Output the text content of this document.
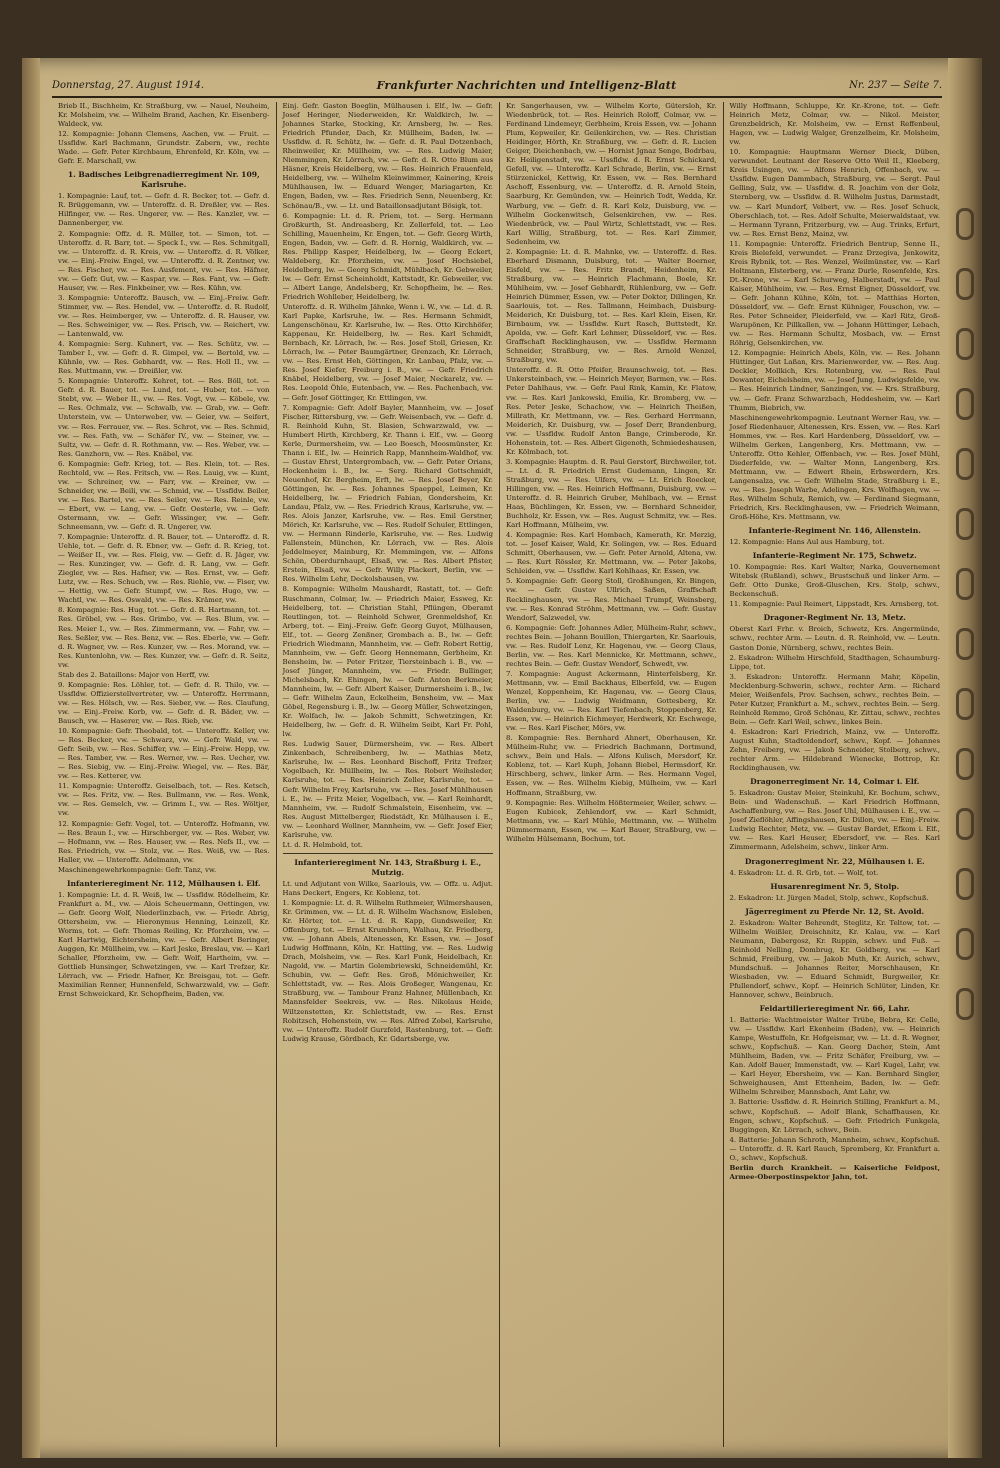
Donnerstag, 27. August 1914.	Frankfurter Nachrichten und Intelligenz-Blatt	Nr. 237 — Seite 7.
Brieb II., Bischheim, Kr. Straßburg, vw. — Nauel, Neuheim, Kr. Molsheim, vw. — Wilhelm Brand, Aachen, Kr. Eisenberg-Waldeck, vw.
12. Kompagnie: Johann Clemens, Aachen, vw. — Fruit. — Ussfldw. Karl Bachmann, Grundstr. Zabern, vw., rechte Wade. — Gefr. Peter Kirchbaum, Ehrenfeld, Kr. Köln, vw. — Gefr. E. Marschall, vw.
1. Badisches Leibgrenadierregiment Nr. 109, Karlsruhe.
1. Kompagnie: Lauf, tot. — Gefr. d. R. Becker, tot. — Gefr. d. R. Brüggemann, vw. — Unteroffz. d. R. Dreßler, vw. — Res. Hilfinger, vw. — Res. Ungerer, vw. — Res. Kanzler, vw. — Dannenberger, vw.
2. Kompagnie: Offz. d. R. Müller, tot. — Simon, tot. — Unteroffz. d. R. Barr, tot. — Speck I., vw. — Res. Schmitgall, vw. — Unteroffz. d. R. Kreis, vw. — Unteroffz. d. R. Völker, vw. — Einj.-Freiw. Engel, vw. — Unteroffz. d. R. Zentner, vw. — Res. Fischer, vw. — Res. Ausfement, vw. — Res. Häfner, vw. — Gefr. Gut, vw. — Kaspar, vw. — Res. Fant, vw. — Gefr. Hauser, vw. — Res. Finkbeiner, vw. — Res. Kühn, vw.
3. Kompagnie: Unteroffz. Bausch, vw. — Einj.-Freiw. Gefr. Stimmer, vw. — Res. Hendel, vw. — Unteroffz. d. R. Rudolf, vw. — Res. Heimberger, vw. — Unteroffz. d. R. Hauser, vw. — Res. Schweiniger, vw. — Res. Frisch, vw. — Reichert, vw. — Lantenwald, vw.
4. Kompagnie: Serg. Kuhnert, vw. — Res. Schütz, vw. — Tamber I., vw. — Gefr. d. R. Gimpel, vw. — Bertold, vw. — Kühnle, vw. — Res. Gebhardt, vw. — Res. Holl II., vw. — Res. Muttmann, vw. — Dreißler, vw.
5. Kompagnie: Unteroffz. Kehret, tot. — Res. Böll, tot. — Gefr. d. R. Bauer, tot. — Lund, tot. — Huber, tot. — von Stebt, vw. — Weber II., vw. — Res. Vogt, vw. — Köbele, vw. — Res. Ochmalz, vw. — Schwalb, vw. — Grab, vw. — Gefr. Unterstein, vw. — Unterweber, vw. — Geier, vw. — Seifert, vw. — Res. Ferrauer, vw. — Res. Schrot, vw. — Res. Schmid, vw. — Res. Fath, vw. — Schäfer IV., vw. — Steiner, vw. — Sultz, vw. — Gefr. d. R. Rothmann, vw. — Res. Weber, vw. — Res. Ganzhorn, vw. — Res. Knäbel, vw.
6. Kompagnie: Gefr. Krieg, tot. — Res. Klein, tot. — Res. Rechtold, vw. — Res. Fritsch, vw. — Res. Lauig, vw. — Kunt, vw. — Schreiner, vw. — Farr, vw. — Kreiner, vw. — Schneider, vw. — Beili, vw. — Schmid, vw. — Ussfldw. Beiler, vw. — Res. Bartel, vw. — Res. Seiler, vw. — Res. Reinle, vw. — Ebert, vw. — Lang, vw. — Gefr. Oesterle, vw. — Gefr. Ostermann, vw. — Gefr. Wissinger, vw. — Gefr. Schneemann, vw. — Gefr. d. R. Ungerer, vw.
7. Kompagnie: Unteroffz. d. R. Bauer, tot. — Unteroffz. d. R. Uehle, tot. — Gefr. d. R. Ebner, vw. — Gefr. d. R. Krieg, tot. — Weißer II., vw. — Res. Fleig, vw. — Gefr. d. R. Jäger, vw. — Res. Kunzinger, vw. — Gefr. d. R. Lang, vw. — Gefr. Ziegler, vw. — Res. Hafner, vw. — Res. Ernst, vw. — Gefr. Lutz, vw. — Res. Schuch, vw. — Res. Riehle, vw. — Fiser, vw. — Hettig, vw. — Gefr. Stumpf, vw. — Res. Hugo, vw. — Wachtl, vw. — Res. Oswald, vw. — Res. Krämer, vw.
8. Kompagnie: Res. Hug, tot. — Gefr. d. R. Hartmann, tot. — Res. Gröbel, vw. — Res. Grimbo, vw. — Res. Blum, vw. — Res. Meier I., vw. — Res. Zimmermann, vw. — Fahr, vw. — Res. Seßler, vw. — Res. Benz, vw. — Res. Eberle, vw. — Gefr. d. R. Wagner, vw. — Res. Kunzer, vw. — Res. Morand, vw. — Res. Kuntenlohn, vw. — Res. Kunzer, vw. — Gefr. d. R. Seitz, vw.
Stab des 2. Bataillons: Major von Herff, vw.
9. Kompagnie: Res. Löhler, tot. — Gefr. d. R. Thilo, vw. — Ussfldw. Offizierstellvertreter, vw. — Unteroffz. Herrmann, vw. — Res. Hölsch, vw. — Res. Sieber, vw. — Res. Claufung, vw. — Einj.-Freiw. Korb, vw. — Gefr. d. R. Bäder, vw. — Bausch, vw. — Haserer, vw. — Res. Rieb, vw.
10. Kompagnie: Gefr. Theobald, tot. — Unteroffz. Keller, vw. — Res. Becker, vw. — Schwarz, vw. — Gefr. Wald, vw. — Gefr. Seib, vw. — Res. Schiffer, vw. — Einj.-Freiw. Hepp, vw. — Res. Tamber, vw. — Res. Werner, vw. — Res. Uecher, vw. — Res. Siebig, vw. — Einj.-Freiw. Wiegel, vw. — Res. Bär, vw. — Res. Ketterer, vw.
11. Kompagnie: Unteroffz. Geiselbach, tot. — Res. Ketsch, vw. — Res. Fritz, vw. — Res. Bullmann, vw. — Res. Wenk, vw. — Res. Gemelch, vw. — Grimm I., vw. — Res. Wöltjer, vw.
12. Kompagnie: Gefr. Vogel, tot. — Unteroffz. Hofmann, vw. — Res. Braun I., vw. — Hirschberger, vw. — Res. Weber, vw. — Hofmann, vw. — Res. Hauser, vw. — Res. Nefs II., vw. — Res. Friedrich, vw. — Stolz, vw. — Res. Weiß, vw. — Res. Haller, vw. — Unteroffz. Adelmann, vw.
Maschinengewehrkompagnie: Gefr. Tanz, vw.
Infanterieregiment Nr. 112, Mülhausen i. Elf.
1. Kompagnie: Lt. d. R. Weiß, lw. — Ussfldw. Rödelheim, Kr. Frankfurt a. M., vw. — Alois Scheuermann, Oettingen, vw. — Gefr. Georg Wolf, Niederlinzbach, vw. — Friedr. Abrig, Ottersheim, vw. — Hieronymus Henning, Leinzell, Kr. Worms, tot. — Gefr. Thomas Reiling, Kr. Pforzheim, vw. — Karl Hartwig, Eichtersheim, vw. — Gefr. Albert Beringer, Auggen, Kr. Müllheim, vw. — Karl Jeske, Breslau, vw. — Karl Schaller, Pforzheim, vw. — Gefr. Wolf, Hartheim, vw. — Gottlieb Hunsinger, Schwetzingen, vw. — Karl Trefzer, Kr. Lörrach, vw. — Friedr. Hafner, Kr. Breisgau, tot. — Gefr. Maximilian Renner, Hunnenfeld, Schwarzwald, vw. — Gefr. Ernst Schweickard, Kr. Schopfheim, Baden, vw.
Einj. Gefr. Gaston Boeglin, Mülhausen i. Elf., lw. — Gefr. Josef Heringer, Niederweiden, Kr. Waldkirch, lw. — Johannes Starke, Stocking, Kr. Arnsberg, lw. — Res. Friedrich Pfunder, Dach, Kr. Müllheim, Baden, lw. — Ussfldw. d. R. Schütz, lw. — Gefr. d. R. Paul Dotzenbach, Rheinweiler, Kr. Müllheim, vw. — Res. Ludwig Maier, Niemmingen, Kr. Lörrach, vw. — Gefr. d. R. Otto Blum aus Häsner, Kreis Heidelberg, vw. — Res. Heinrich Frauenfeld, Heidelberg, vw. — Wilhelm Kleinwimmer, Kainering, Kreis Mühlhausen, lw. — Eduard Wenger, Mariagarten, Kr. Engen, Baden, vw. — Res. Friedrich Senn, Neuenberg, Kr. Schönau/B., vw. — Lt. und Bataillonsadjutant Bösigk, tot.
6. Kompagnie: Lt. d. R. Priem, tot. — Serg. Hermann Großkurth, St. Andreasberg, Kr. Zellerfeld, tot. — Leo Schilling, Mauenheim, Kr. Engen, tot. — Gefr. Georg Wirth, Engen, Baden, vw. — Gefr. d. R. Hornig, Waldkirch, vw. — Res. Philipp Kasper, Heidelberg, lw. — Georg Eckert, Waldeberg, Kr. Pforzheim, vw. — Josef Hochsiebel, Heidelberg, lw. — Georg Schmidt, Mühlbach, Kr. Gebweiler, lw. — Gefr. Ernst Scheinholdt, Kattstadt, Kr. Gebweiler, vw. — Albert Lange, Andelsberg, Kr. Schopfheim, lw. — Res. Friedrich Wohlleber, Heidelberg, lw.
Unteroffz. d. R. Wilhelm Jähnke, Wenn i. W., vw. — Ld. d. R. Karl Papke, Karlsruhe, lw. — Res. Hermann Schmidt, Langenschönau, Kr. Karlsruhe, lw. — Res. Otto Kirchhöfer, Kappenau, Kr. Heidelberg, lw. — Res. Karl Schmidt, Bernbach, Kr. Lörrach, lw. — Res. Josef Stoll, Griesen, Kr. Lörrach, lw. — Peter Baumgärtner, Grenzach, Kr. Lörrach, vw. — Res. Ernst Heh, Göttingen, Kr. Lanbau, Pfalz, vw. — Res. Josef Kiefer, Freiburg i. B., vw. — Gefr. Friedrich Knäbel, Heidelberg, vw. — Josef Maier, Neckarelz, vw. — Res. Leopold Öhle, Eutenbach, vw. — Res. Pachenbach, vw. — Gefr. Josef Göttinger, Kr. Ettlingen, vw.
7. Kompagnie: Gefr. Adolf Bayler, Mannheim, vw. — Josef Fischer, Rittersburg, vw. — Gefr. Weisenbach, vw. — Gefr. d. R. Reinhold Kuhn, St. Blasien, Schwarzwald, vw. — Humbert Hirth, Kirchberg, Kr. Thann i. Elf., vw. — Georg Kerle, Durmersheim, vw. — Leo Boesch, Moosmünster, Kr. Thann i. Elf., lw. — Heinrich Rapp, Mannheim-Waldhof, vw. — Gustav Ehrst, Untergrombach, vw. — Gefr. Peter Orians, Hockenheim i. B., lw. — Serg. Richard Gottschmidt, Neuenhof, Kr. Bergheim, Erft, lw. — Res. Josef Beyer, Kr. Göttingen, lw. — Res. Johannes Spaeppel, Leimen, Kr. Heidelberg, lw. — Friedrich Fabian, Gondersheim, Kr. Landau, Pfalz, vw. — Res. Friedrich Kraus, Karlsruhe, vw. — Res. Alois Janzer, Karlsruhe, vw. — Res. Emil Gerstner, Mörich, Kr. Karlsruhe, vw. — Res. Rudolf Schuler, Ettlingen, vw. — Hermann Rinderle, Karlsruhe, vw. — Res. Ludwig Fallenstein, München, Kr. Lörrach, vw. — Res. Alois Jeddelmeyer, Mainburg, Kr. Memmingen, vw. — Alfons Schön, Oberdurnhaupt, Elsaß, vw. — Res. Albert Pfister, Erstein, Elsaß, vw. — Gefr. Willy Plackert, Berlin, vw. — Res. Wilhelm Lehr, Deckolshausen, vw.
8. Kompagnie: Wilhelm Maushardt, Rastatt, tot. — Gefr. Ruschmann, Colmar, lw. — Friedrich Maier, Essweg, Kr. Heidelberg, tot. — Christian Stahl, Pflüngen, Oberamt Reutlingen, tot. — Reinhold Schwer, Grenmeldshof, Kr. Arberg, tot. — Einj.-Freiw. Gefr. Georg Guyot, Mülhausen, Elf., tot. — Georg Zenßner, Grombach a. B., lw. — Gefr. Friedrich Wiedmann, Mannheim, vw. — Gefr. Robert Rettig, Mannheim, vw. — Gefr. Georg Hennemann, Gerbheim, Kr. Bensheim, lw. — Peter Fritzer, Tiersteinbach i. B., vw. — Josef Jünger, Mannheim, vw. — Friedr. Bullinger, Michelsbach, Kr. Ehingen, lw. — Gefr. Anton Berkmeier, Mannheim, lw. — Gefr. Albert Kaiser, Durmersheim i. B., lw. — Gefr. Wilhelm Zaun, Eckelheim, Bensheim, vw. — Max Göbel, Regensburg i. B., lw. — Georg Müller, Schwetzingen, Kr. Wolfach, lw. — Jakob Schmitt, Schwetzingen, Kr. Heidelberg, lw. — Gefr. d. R. Wilhelm Seibt, Karl Fr. Pohl, lw.
Res. Ludwig Sauer, Dürmersheim, vw. — Res. Albert Zinkenbach, Schreibenberg, lw. — Mathias Metz, Karlsruhe, lw. — Res. Leonhard Bischoff, Fritz Trefzer, Vogelbach, Kr. Müllheim, lw. — Res. Robert Weihsleder, Karlsruhe, tot. — Res. Heinrich Zeller, Karlsruhe, tot. — Gefr. Wilhelm Frey, Karlsruhe, vw. — Res. Josef Mühlhausen i. E., lw. — Fritz Meier, Vogelbach, vw. — Karl Reinhardt, Mannheim, vw. — Rudolf Schmalstein, Eisenheim, vw. — Res. August Mittelberger, Riedstädt, Kr. Mülhausen i. E., vw. — Leonhard Wollner, Mannheim, vw. — Gefr. Josef Eier, Karlsruhe, vw.
Lt. d. R. Helmbold, tot.
Infanterieregiment Nr. 143, Straßburg i. E., Mutzig.
Lt. und Adjutant von Wilke, Saarlouis, vw. — Offz. u. Adjut. Hans Deckert, Engers, Kr. Koblenz, tot.
1. Kompagnie: Lt. d. R. Wilhelm Ruthmeier, Wilmershausen, Kr. Grimmen, vw. — Lt. d. R. Wilhelm Wachsnow, Eisleben, Kr. Hörter, tot. — Lt. d. R. Kapp, Gundsweiler, Kr. Offenburg, tot. — Ernst Krumbhorn, Walhau, Kr. Friedberg, vw. — Johann Abels, Altenessen, Kr. Essen, vw. — Josef Ludwig Hoffmann, Köln, Kr. Hatting, vw. — Res. Ludwig Drach, Molsheim, vw. — Res. Karl Funk, Heidelbach, Kr. Nagold, vw. — Martin Golembriewski, Schneidemühl, Kr. Schubin, vw. — Gefr. Res. Groß, Mönichweiler, Kr. Schlettstadt, vw. — Res. Alois Großeger, Wangenau, Kr. Straßburg, vw. — Tambour Franz Hahner, Müllenbach, Kr. Mannsfelder Seekreis, vw. — Res. Nikolaus Heide, Wiltzenstetten, Kr. Schlettstadt, vw. — Res. Ernst Robitzsch, Hohenstein, vw. — Res. Alfred Zobel, Karlsruhe, vw. — Unteroffz. Rudolf Gurzfeld, Rastenburg, tot. — Gefr. Ludwig Krause, Gördbach, Kr. Gdartsberge, vw.
Kr. Sangerhausen, vw. — Wilhelm Korte, Gütersloh, Kr. Wiedenbrück, tot. — Res. Heinrich Roloff, Colmar, vw. — Ferdinand Lindemeyr, Gerbheim, Kreis Essen, vw. — Johann Plum, Kepweiler, Kr. Geilenkirchen, vw. — Res. Christian Heidinger, Hörth, Kr. Straßburg, vw. — Gefr. d. R. Lucien Geiger, Dieichenbach, vw. — Hornist Jgnaz Senge, Bodrbau, Kr. Heiligenstadt, vw. — Ussfldw. d. R. Ernst Schickard, Gefell, vw. — Unteroffz. Karl Schrade, Berlin, vw. — Ernst Stürzenickel, Kettwig, Kr. Essen, vw. — Res. Bernhard Aschoff, Essenburg, vw. — Unteroffz. d. R. Arnold Stein, Saarburg, Kr. Gemünden, vw. — Heinrich Todt, Wedda, Kr. Warburg, vw. — Gefr. d. R. Karl Kolz, Duisburg, vw. — Wilhelm Gockenwitsch, Gelsenkirchen, vw. — Res. Wiedenbrück, vw. — Paul Wirtz, Schlettstadt, vw. — Res. Karl Willig, Straßburg, tot. — Res. Karl Zimmer, Sedenheim, vw.
2. Kompagnie: Lt. d. R. Mahnke, vw. — Unteroffz. d. Res. Eberhard Dismann, Duisburg, tot. — Walter Boerner, Eisfeld, vw. — Res. Fritz Brandt, Heidenheim, Kr. Straßburg, vw. — Heinrich Flachmann, Boele, Kr. Mühlheim, vw. — Josef Gebhardt, Rühlenburg, vw. — Gefr. Heinrich Dümmer, Essen, vw. — Peter Doktor, Dillingen, Kr. Saarlouis, tot. — Res. Tallmann, Heimbach, Duisburg-Meiderich, Kr. Duisburg, tot. — Res. Karl Klein, Eisen, Kr. Birnbaum, vw. — Ussfldw. Kurt Rasch, Buttstedt, Kr. Apolda, vw. — Gefr. Karl Lehmer, Düsseldorf, vw. — Res. Graffschaft Recklinghausen, vw. — Ussfldw. Hermann Schneider, Straßburg, vw. — Res. Arnold Wenzel, Straßburg, vw.
Unteroffz. d. R. Otto Pfeifer, Braunschweig, tot. — Res. Unkersteinbach, vw. — Heinrich Meyer, Barmen, vw. — Res. Peter Dahlhaus, vw. — Gefr. Paul Rink, Kamin, Kr. Flatow, vw. — Res. Karl Jankowski, Emilia, Kr. Bromberg, vw. — Res. Peter Jeske, Schachow, vw. — Heinrich Theißen, Millrath, Kr. Mettmann, vw. — Res. Gerhard Herrmann, Meiderich, Kr. Duisburg, vw. — Josef Derr, Brandenburg, vw. — Ussfldw. Rudolf Anton Bange, Crimberode, Kr. Hohenstein, tot. — Res. Albert Gigenoth, Schmiedeshausen, Kr. Kölmbach, tot.
3. Kompagnie: Hauptm. d. R. Paul Gerstorf, Birchweiler, tot. — Lt. d. R. Friedrich Ernst Gudemann, Lingen, Kr. Straßburg, vw. — Res. Ulfers, vw. — Lt. Erich Roecker, Hillingen, vw. — Res. Heinrich Hoffmann, Duisburg, vw. — Unteroffz. d. R. Heinrich Gruber, Mehlbach, vw. — Ernst Haas, Büchlingen, Kr. Essen, vw. — Bernhard Schneider, Buchholz, Kr. Essen, vw. — Res. August Schmitz, vw. — Res. Karl Hoffmann, Mülheim, vw.
4. Kompagnie: Res. Karl Hombach, Kamerath, Kr. Merzig, tot. — Josef Kaiser, Wald, Kr. Solingen, vw. — Res. Eduard Schmitt, Oberhausen, vw. — Gefr. Peter Arnold, Altena, vw. — Res. Kurt Rössler, Kr. Mettmann, vw. — Peter Jakobs, Schleiden, vw. — Ussfldw. Karl Kohlhaas, Kr. Essen, vw.
5. Kompagnie: Gefr. Georg Stoll, Großhungen, Kr. Bingen, vw. — Gefr. Gustav Ullrich, Saßen, Graffschaft Recklinghausen, vw. — Res. Michael Trumpf, Weinsberg, vw. — Res. Konrad Ströhm, Mettmann, vw. — Gefr. Gustav Wendorf, Salzwedel, vw.
6. Kompagnie: Gefr. Johannes Adler, Mülheim-Ruhr, schwv., rechtes Bein. — Johann Bouillon, Thiergarten, Kr. Saarlouis, vw. — Res. Rudolf Lenz, Kr. Hagenau, vw. — Georg Claus, Berlin, vw. — Res. Karl Mennicke, Kr. Mettmann, schwv., rechtes Bein. — Gefr. Gustav Wendorf, Schwedt, vw.
7. Kompagnie: August Ackermann, Hinterfelsberg, Kr. Mettmann, vw. — Emil Backhaus, Elberfeld, vw. — Eugen Wenzel, Koppenheim, Kr. Hagenau, vw. — Georg Claus, Berlin, vw. — Ludwig Weidmann, Gottesberg, Kr. Waldenburg, vw. — Res. Karl Tiefenbach, Stoppenberg, Kr. Essen, vw. — Heinrich Eichmeyer, Herdwerk, Kr. Eschwege, vw. — Res. Karl Fischer, Mörs, vw.
8. Kompagnie: Res. Bernhard Ahnert, Oberhausen, Kr. Mülheim-Ruhr, vw. — Friedrich Bachmann, Dortmund, schwv., Bein und Hals. — Alfons Kulisch, Mersdorf, Kr. Koblenz, tot. — Karl Kuph, Johann Biebel, Hermsdorf, Kr. Hirschberg, schwv., linker Arm. — Res. Hermann Vogel, Essen, vw. — Res. Wilhelm Kiebig, Mülheim, vw. — Karl Hoffmann, Straßburg, vw.
9. Kompagnie: Res. Wilhelm Hößtermeier, Weiler, schwv. — Eugen Kubicek, Zehlendorf, vw. — Karl Schmidt, Mettmann, vw. — Karl Mühle, Mettmann, vw. — Wilhelm Dümmermann, Essen, vw. — Karl Bauer, Straßburg, vw. — Wilhelm Hülsemann, Bochum, tot.
Willy Hoffmann, Schluppe, Kr. Kr.-Krone, tot. — Gefr. Heinrich Metz, Colmar, vw. — Nikol. Meister, Grenzbeldrich, Kr. Molsheim, vw. — Ernst Reffenbeul, Hagen, vw. — Ludwig Walger, Grenzelheim, Kr. Molsheim, vw.
10. Kompagnie: Hauptmann Werner Dieck, Düben, verwundet. Leutnant der Reserve Otto Weil II., Kleeberg, Kreis Usingen, vw. — Alfons Henrich, Offenbach, vw. — Ussfldw. Eugen Dammbach, Straßburg, vw. — Sergt. Paul Gelling, Sulz, vw. — Ussfldw. d. R. Joachim von der Golz, Sternberg, vw. — Ussfldw. d. R. Wilhelm Justus, Darmstadt, vw. — Karl Mundorf, Velbert, vw. — Res. Josef Schuck, Oberschlach, tot. — Res. Adolf Schulte, Meierwaldstaat, vw. — Hermann Tyrann, Fritzerburg, vw. — Aug. Trinks, Erfurt, vw. — Res. Ernst Benz, Mainz, vw.
11. Kompagnie: Unteroffz. Friedrich Bentrup, Senne II., Kreis Bielefeld, verwundet. — Franz Drzegiva, Jenkowitz, Kreis Rybnik, tot. — Res. Wenzel, Weilmünster, vw. — Karl Holtmann, Elsterberg, vw. — Franz Durle, Rosenfelde, Krs. Dt.-Krone, vw. — Karl Schurweg, Halberstadt, vw. — Paul Kaiser, Mühlheim, vw. — Res. Ernst Eigner, Düsseldorf, vw. — Gefr. Johann Kühne, Köln, tot. — Matthias Horten, Düsseldorf, vw. — Gefr. Ernst Kühniger, Fouschon, vw. — Res. Peter Schneider, Pleiderfeld, vw. — Karl Ritz, Groß-Warupönen, Kr. Pillkallen, vw. — Johann Hüttinger, Lebach, vw. — Res. Hermann Schultz, Mosbach, vw. — Ernst Röhrig, Gelsenkirchen, vw.
12. Kompagnie: Heinrich Abels, Köln, vw. — Res. Johann Hüttinger, Gut Laßan, Krs. Marienwerder, vw. — Res. Aug. Deckler, Mollkich, Krs. Rotenburg, vw. — Res. Paul Dewanter, Eichelsheim, vw. — Josef Jung, Ludwigsfelde, vw. — Res. Heinrich Lindner, Sanzingen, vw. — Krs. Straßburg, vw. — Gefr. Franz Schwarzbach, Heddesheim, vw. — Karl Thumm, Biebrich, vw.
Maschinengewehrkompagnie. Leutnant Werner Rau, vw. — Josef Riedenhauer, Altenessen, Krs. Essen, vw. — Res. Karl Hommes, vw. — Res. Karl Hardenberg, Düsseldorf, vw. — Wilhelm Gerken, Langenberg, Krs. Mettmann, vw. — Unteroffz. Otto Kehler, Offenbach, vw. — Res. Josef Mühl, Diederfelde, vw. — Walter Monn, Langenberg, Krs. Mettmann, vw. — Edwert Rhein, Erbswerdern, Krs. Langensalza, vw. — Gefr. Wilhelm Stade, Straßburg i. E., vw. — Res. Joseph Warbe, Adelingen, Krs. Wolfhagen, vw. — Res. Wilhelm Schulz, Remich, vw. — Ferdinand Siegmann, Friedrich, Krs. Recklinghausen, vw. — Friedrich Weimann, Groß-Höhe, Krs. Mettmann, vw.
Infanterie-Regiment Nr. 146, Allenstein.
12. Kompagnie: Hans Aul aus Hamburg, tot.
Infanterie-Regiment Nr. 175, Schwetz.
10. Kompagnie: Res. Karl Walter, Narka, Gouvernement Witebsk (Rußland), schwv., Brustschuß und linker Arm. — Gefr. Otto Dunke, Groß-Gluschen, Krs. Stolp, schwv., Beckenschuß.
11. Kompagnie: Paul Reimert, Lippstadt, Krs. Arnsberg, tot.
Dragoner-Regiment Nr. 13, Metz.
Oberst Karl Frhr. v. Broich, Schwetz, Krs. Angermünde, schwv., rechter Arm. — Leutn. d. R. Reinhold, vw. — Leutn. Gaston Donie, Nürnberg, schwv., rechtes Bein.
2. Eskadron: Wilhelm Hirschfeld, Stadthagen, Schaumburg-Lippe, tot.
3. Eskadron: Unteroffz. Hermann Mahr, Köpelin, Mecklenburg-Schwerin, schwv., rechter Arm. — Richard Meier, Weißenfels, Prov. Sachsen, schwv., rechtes Bein. — Peter Kutzer, Frankfurt a. M., schwv., rechtes Bein. — Serg. Reinhold Remmo, Groß Schönau, Kr. Zittau, schwv., rechtes Bein. — Gefr. Karl Weil, schwv., linkes Bein.
4. Eskadron: Karl Friedrich, Mainz, vw. — Unteroffz. August Kuhn, Stadtoldendorf, schwv., Kopf. — Johannes Zehn, Freiberg, vw. — Jakob Schneider, Stolberg, schwv., rechter Arm. — Hildebrand Wienecke, Bottrop, Kr. Recklinghausen, vw.
Dragonerregiment Nr. 14, Colmar i. Elf.
5. Eskadron: Gustav Meier, Steinkuhl, Kr. Bochum, schwv., Bein- und Wadenschuß. — Karl Friedrich Hoffmann, Aschaffenburg, vw. — Res. Josef Uhl, Mülhausen i. E., vw. — Josef Zieflöhler, Affingshausen, Kr. Dillon, vw. — Einj.-Freiw. Ludwig Rechter, Metz, vw. — Gustav Bardet, Efkom i. Elf., vw. — Res. Karl Heuser, Ebersdorf, vw. — Res. Karl Zimmermann, Adelsheim, schwv., linker Arm.
Dragonerregiment Nr. 22, Mülhausen i. E.
4. Eskadron: Lt. d. R. Grb, tot. — Wolf, tot.
Husarenregiment Nr. 5, Stolp.
2. Eskadron: Lt. Jürgen Madel, Stolp, schwv., Kopfschuß.
Jägerregiment zu Pferde Nr. 12, St. Avold.
2. Eskadron: Walter Behrendt, Steglitz, Kr. Teltow, tot. — Wilhelm Weißler, Dreischnitz, Kr. Kalau, vw. — Karl Neumann, Dabergosz, Kr. Ruppin, schwv. und Fuß. — Reinhold Nelling, Dombrug, Kr. Goldberg, vw. — Karl Schmid, Freiburg, vw. — Jakob Muth, Kr. Aurich, schwv., Mundschuß. — Johannes Reiter, Morschhausen, Kr. Wiesbaden, vw. — Eduard Schmidt, Burgweiler, Kr. Pfullendorf, schwv., Kopf. — Heinrich Schlüter, Linden, Kr. Hannover, schwv., Beinbruch.
Feldartillerieregiment Nr. 66, Lahr.
1. Batterie: Wachtmeister Walter Trübe, Bebra, Kr. Celle, vw. — Ussfldw. Karl Ekenheim (Baden), vw. — Heinrich Kampe, Westuffeln, Kr. Hofgeismar, vw. — Lt. d. R. Wegner, schwv., Kopfschuß. — Kan. Georg Dacher, Stein, Amt Mühlheim, Baden, vw. — Fritz Schäfer, Freiburg, vw. — Kan. Adolf Bauer, Immenstadt, vw. — Karl Kugel, Lahr, vw. — Karl Heyer, Ebersheim, vw. — Kan. Bernhard Singler, Schweighausen, Amt Ettenheim, Baden, lw. — Gefr. Wilhelm Schreiber, Mannsbach, Amt Lahr, vw.
3. Batterie: Ussfldw. d. R. Heinrich Stilling, Frankfurt a. M., schwv., Kopfschuß. — Adolf Blank, Schaffhausen, Kr. Engen, schwv., Kopfschuß. — Gefr. Friedrich Funkgela, Buggingen, Kr. Lörrach, schwv., Bein.
4. Batterie: Johann Schroth, Mannheim, schwv., Kopfschuß. — Unteroffz. d. R. Karl Rauch, Spremberg, Kr. Frankfurt a. O., schwv., Kopfschuß.
Berlin durch Krankheit. — Kaiserliche Feldpost, Armee-Oberpostinspektor Jahn, tot.
